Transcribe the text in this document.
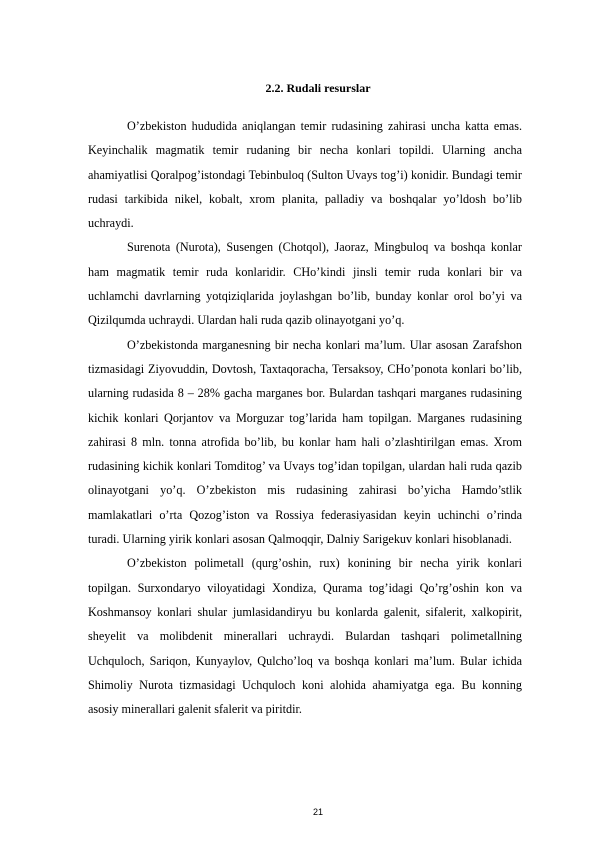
2.2. Rudali resurslar

O’zbekiston hududida aniqlangan temir rudasining zahirasi uncha katta emas. Keyinchalik magmatik temir rudaning bir necha konlari topildi. Ularning ancha ahamiyatlisi Qoralpog’istondagi Tebinbuloq (Sulton Uvays tog’i) konidir. Bundagi temir rudasi tarkibida nikel, kobalt, xrom planita, palladiy va boshqalar yo’ldosh bo’lib uchraydi.

Surenota (Nurota), Susengen (Chotqol), Jaoraz, Mingbuloq va boshqa konlar ham magmatik temir ruda konlaridir. CHo’kindi jinsli temir ruda konlari bir va uchlamchi davrlarning yotqiziqlarida joylashgan bo’lib, bunday konlar orol bo’yi va Qizilqumda uchraydi. Ulardan hali ruda qazib olinayotgani yo’q.

O’zbekistonda marganesning bir necha konlari ma’lum. Ular asosan Zarafshon tizmasidagi Ziyovuddin, Dovtosh, Taxtaqoracha, Tersaksoy, CHo’ponota konlari bo’lib, ularning rudasida 8 – 28% gacha marganes bor. Bulardan tashqari marganes rudasining kichik konlari Qorjantov va Morguzar tog’larida ham topilgan. Marganes rudasining zahirasi 8 mln. tonna atrofida bo’lib, bu konlar ham hali o’zlashtirilgan emas. Xrom rudasining kichik konlari Tomditog’ va Uvays tog’idan topilgan, ulardan hali ruda qazib olinayotgani yo’q. O’zbekiston mis rudasining zahirasi bo’yicha Hamdo’stlik mamlakatlari o’rta Qozog’iston va Rossiya federasiyasidan keyin uchinchi o’rinda turadi. Ularning yirik konlari asosan Qalmoqqir, Dalniy Sarigekuv konlari hisoblanadi.

O’zbekiston polimetall (qurg’oshin, rux) konining bir necha yirik konlari topilgan. Surxondaryo viloyatidagi Xondiza, Qurama tog’idagi Qo’rg’oshin kon va Koshmansoy konlari shular jumlasidandiryu bu konlarda galenit, sifalerit, xalkopirit, sheyelit va molibdenit minerallari uchraydi. Bulardan tashqari polimetallning Uchquloch, Sariqon, Kunyaylov, Qulcho’loq va boshqa konlari ma’lum. Bular ichida Shimoliy Nurota tizmasidagi Uchquloch koni alohida ahamiyatga ega. Bu konning asosiy minerallari galenit sfalerit va piritdir.

21
